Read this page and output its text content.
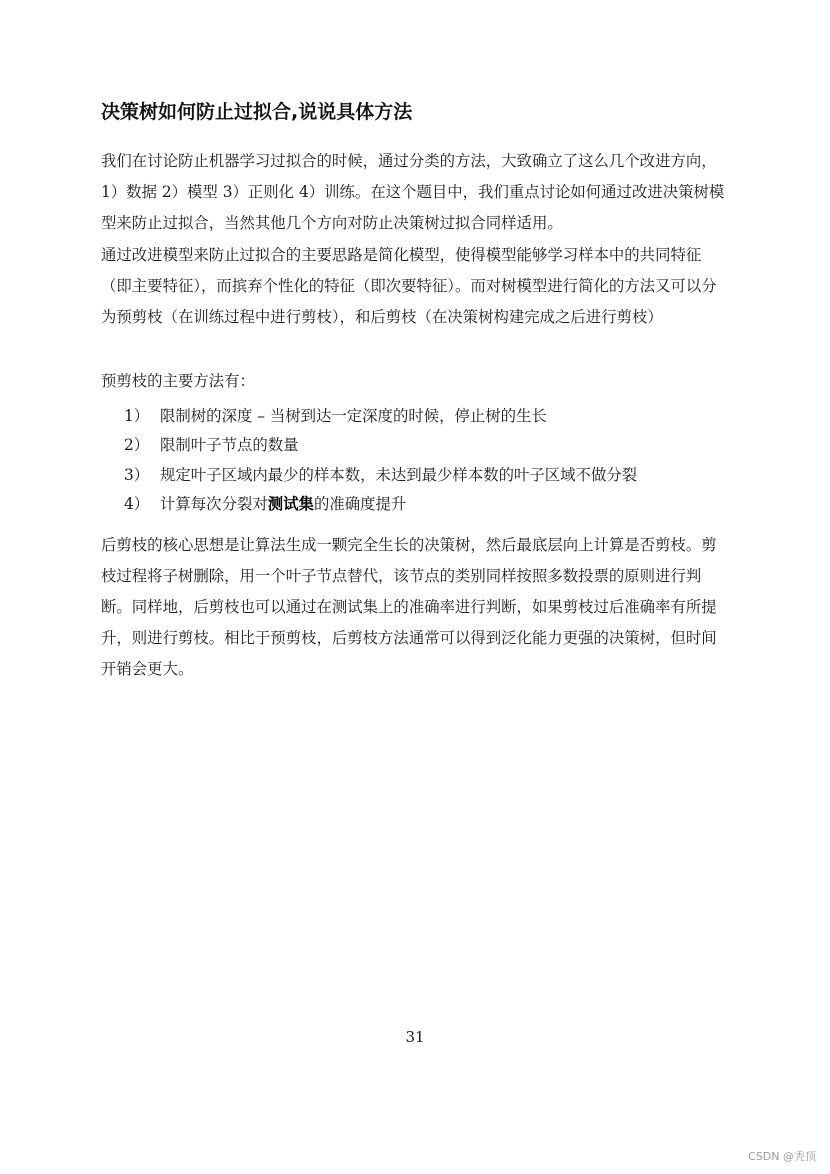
决策树如何防止过拟合,说说具体方法
我们在讨论防止机器学习过拟合的时候，通过分类的方法，大致确立了这么几个改进方向，1）数据 2）模型 3）正则化 4）训练。在这个题目中，我们重点讨论如何通过改进决策树模型来防止过拟合，当然其他几个方向对防止决策树过拟合同样适用。
通过改进模型来防止过拟合的主要思路是简化模型，使得模型能够学习样本中的共同特征（即主要特征），而摈弃个性化的特征（即次要特征）。而对树模型进行简化的方法又可以分为预剪枝（在训练过程中进行剪枝），和后剪枝（在决策树构建完成之后进行剪枝）
预剪枝的主要方法有：
1） 限制树的深度 – 当树到达一定深度的时候，停止树的生长
2） 限制叶子节点的数量
3） 规定叶子区域内最少的样本数，未达到最少样本数的叶子区域不做分裂
4） 计算每次分裂对 测试集 的准确度提升
后剪枝的核心思想是让算法生成一颗完全生长的决策树，然后最底层向上计算是否剪枝。剪枝过程将子树删除，用一个叶子节点替代，该节点的类别同样按照多数投票的原则进行判断。同样地，后剪枝也可以通过在测试集上的准确率进行判断，如果剪枝过后准确率有所提升，则进行剪枝。相比于预剪枝，后剪枝方法通常可以得到泛化能力更强的决策树，但时间开销会更大。
31
CSDN @秃顶
